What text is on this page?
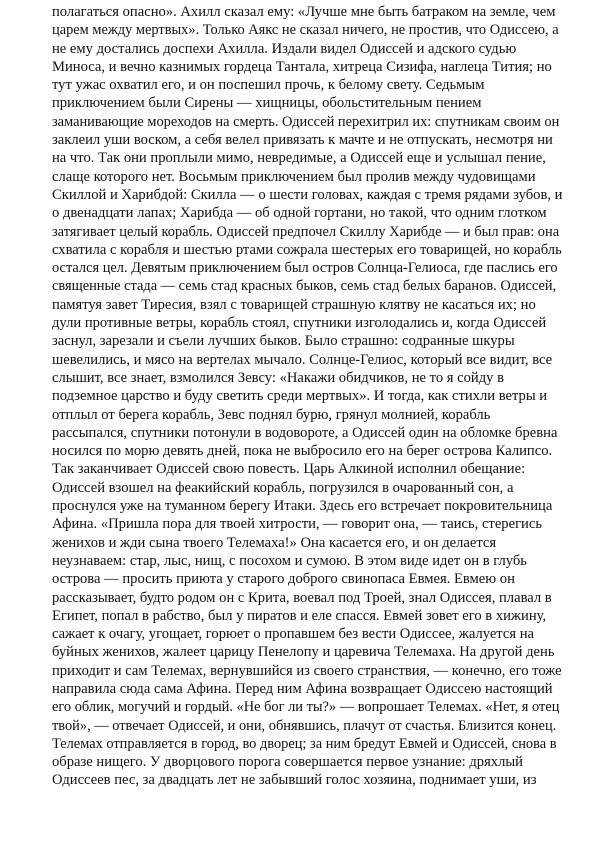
полагаться опасно». Ахилл сказал ему: «Лучше мне быть батраком на земле, чем
царем между мертвых». Только Аякс не сказал ничего, не простив, что Одиссею, а
не ему достались доспехи Ахилла. Издали видел Одиссей и адского судью
Миноса, и вечно казнимых гордеца Тантала, хитреца Сизифа, наглеца Тития; но
тут ужас охватил его, и он поспешил прочь, к белому свету. Седьмым
приключением были Сирены — хищницы, обольстительным пением
заманивающие мореходов на смерть. Одиссей перехитрил их: спутникам своим он
заклеил уши воском, а себя велел привязать к мачте и не отпускать, несмотря ни
на что. Так они проплыли мимо, невредимые, а Одиссей еще и услышал пение,
слаще которого нет. Восьмым приключением был пролив между чудовищами
Скиллой и Харибдой: Скилла — о шести головах, каждая с тремя рядами зубов, и
о двенадцати лапах; Харибда — об одной гортани, но такой, что одним глотком
затягивает целый корабль. Одиссей предпочел Скиллу Харибде — и был прав: она
схватила с корабля и шестью ртами сожрала шестерых его товарищей, но корабль
остался цел. Девятым приключением был остров Солнца-Гелиоса, где паслись его
священные стада — семь стад красных быков, семь стад белых баранов. Одиссей,
памятуя завет Тиресия, взял с товарищей страшную клятву не касаться их; но
дули противные ветры, корабль стоял, спутники изголодались и, когда Одиссей
заснул, зарезали и съели лучших быков. Было страшно: содранные шкуры
шевелились, и мясо на вертелах мычало. Солнце-Гелиос, который все видит, все
слышит, все знает, взмолился Зевсу: «Накажи обидчиков, не то я сойду в
подземное царство и буду светить среди мертвых». И тогда, как стихли ветры и
отплыл от берега корабль, Зевс поднял бурю, грянул молнией, корабль
рассыпался, спутники потонули в водовороте, а Одиссей один на обломке бревна
носился по морю девять дней, пока не выбросило его на берег острова Калипсо.
Так заканчивает Одиссей свою повесть. Царь Алкиной исполнил обещание:
Одиссей взошел на феакийский корабль, погрузился в очарованный сон, а
проснулся уже на туманном берегу Итаки. Здесь его встречает покровительница
Афина. «Пришла пора для твоей хитрости, — говорит она, — таись, стерегись
женихов и жди сына твоего Телемаха!» Она касается его, и он делается
неузнаваем: стар, лыс, нищ, с посохом и сумою. В этом виде идет он в глубь
острова — просить приюта у старого доброго свинопаса Евмея. Евмею он
рассказывает, будто родом он с Крита, воевал под Троей, знал Одиссея, плавал в
Египет, попал в рабство, был у пиратов и еле спасся. Евмей зовет его в хижину,
сажает к очагу, угощает, горюет о пропавшем без вести Одиссее, жалуется на
буйных женихов, жалеет царицу Пенелопу и царевича Телемаха. На другой день
приходит и сам Телемах, вернувшийся из своего странствия, — конечно, его тоже
направила сюда сама Афина. Перед ним Афина возвращает Одиссею настоящий
его облик, могучий и гордый. «Не бог ли ты?» — вопрошает Телемах. «Нет, я отец
твой», — отвечает Одиссей, и они, обнявшись, плачут от счастья. Близится конец.
Телемах отправляется в город, во дворец; за ним бредут Евмей и Одиссей, снова в
образе нищего. У дворцового порога совершается первое узнание: дряхлый
Одиссеев пес, за двадцать лет не забывший голос хозяина, поднимает уши, из
